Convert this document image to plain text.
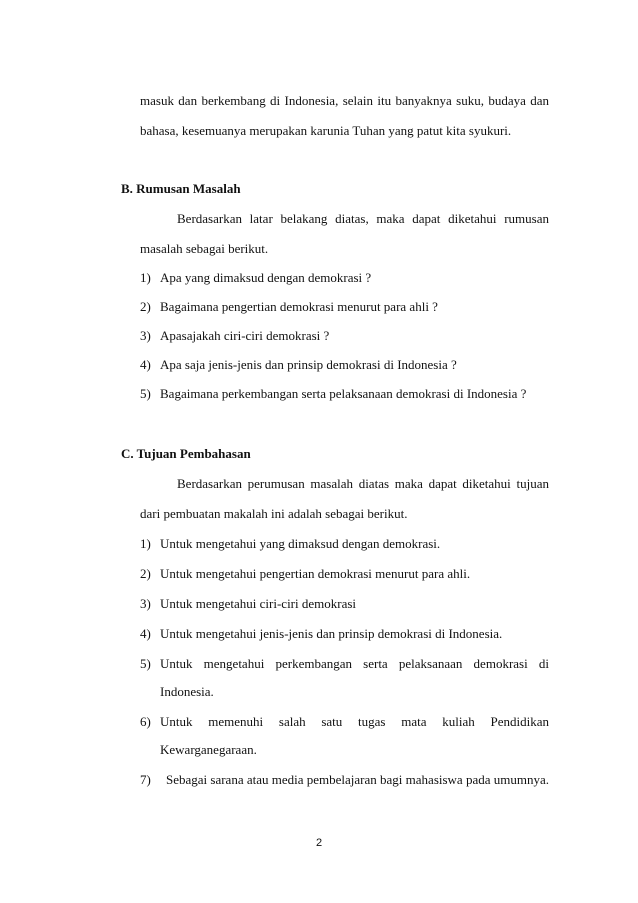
masuk dan berkembang di Indonesia, selain itu banyaknya suku, budaya dan
bahasa, kesemuanya merupakan karunia Tuhan yang patut kita syukuri.
B. Rumusan Masalah
Berdasarkan latar belakang diatas, maka dapat diketahui rumusan
masalah sebagai berikut.
1) Apa yang dimaksud dengan demokrasi ?
2) Bagaimana pengertian demokrasi menurut para ahli ?
3) Apasajakah ciri-ciri demokrasi ?
4) Apa saja jenis-jenis dan prinsip demokrasi di Indonesia ?
5) Bagaimana perkembangan serta pelaksanaan demokrasi di Indonesia ?
C. Tujuan Pembahasan
Berdasarkan perumusan masalah diatas maka dapat diketahui tujuan
dari pembuatan makalah ini adalah sebagai berikut.
1) Untuk mengetahui yang dimaksud dengan demokrasi.
2) Untuk mengetahui pengertian demokrasi menurut para ahli.
3) Untuk mengetahui ciri-ciri demokrasi
4) Untuk mengetahui jenis-jenis dan prinsip demokrasi di Indonesia.
5) Untuk mengetahui perkembangan serta pelaksanaan demokrasi di
Indonesia.
6) Untuk memenuhi salah satu tugas mata kuliah Pendidikan
Kewarganegaraan.
7) Sebagai sarana atau media pembelajaran bagi mahasiswa pada umumnya.
2
